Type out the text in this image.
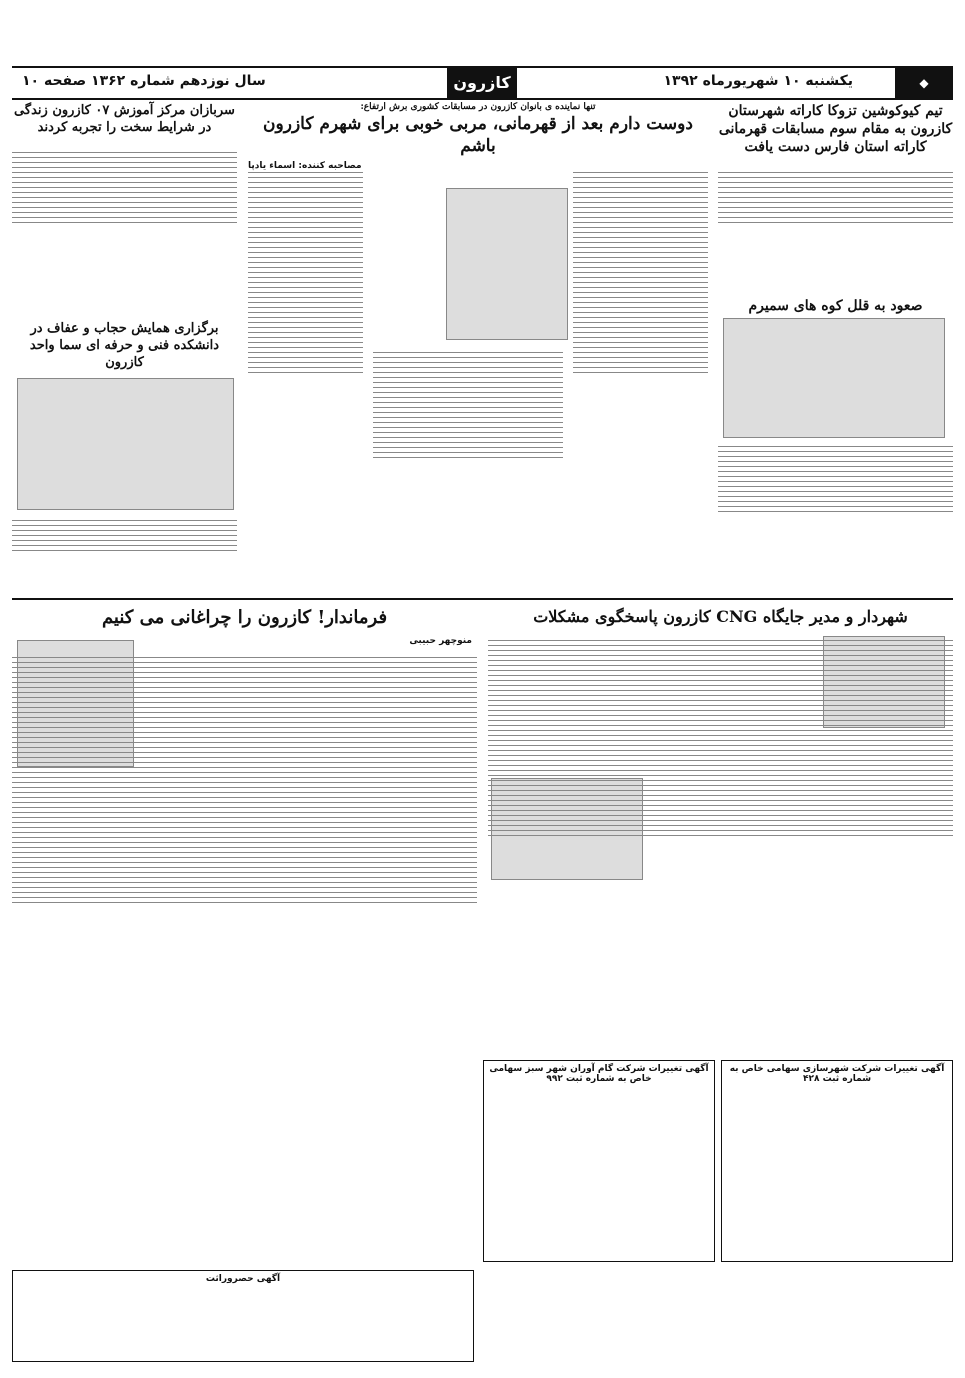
سال نوزدهم شماره ۱۳۶۲ صفحه ۱۰	کازرون	یکشنبه ۱۰ شهریورماه ۱۳۹۲	◆
تیم کیوکوشین تزوکا کاراته شهرستان کازرون به مقام سوم مسابقات قهرمانی کاراته استان فارس دست یافت
صعود به قلل کوه های سمیرم
تنها نماینده ی بانوان کازرون در مسابقات کشوری برش ارتفاع:
دوست دارم بعد از قهرمانی، مربی خوبی برای شهرم کازرون باشم
مصاحبه کننده: اسماء یادپا
سربازان مرکز آموزش ۰۷ کازرون زندگی در شرایط سخت را تجربه کردند
برگزاری همایش حجاب و عفاف در دانشکده فنی و حرفه ای سما واحد کازرون
شهردار و مدیر جایگاه CNG کازرون پاسخگوی مشکلات
فرماندار! کازرون را چراغانی می کنیم
منوچهر حبیبی
آگهی تغییرات شرکت شهرسازی سهامی خاص به شماره ثبت ۴۲۸
آگهی تغییرات شرکت گام آوران شهر سبز سهامی خاص به شماره ثبت ۹۹۲
آگهی حصروراثت
